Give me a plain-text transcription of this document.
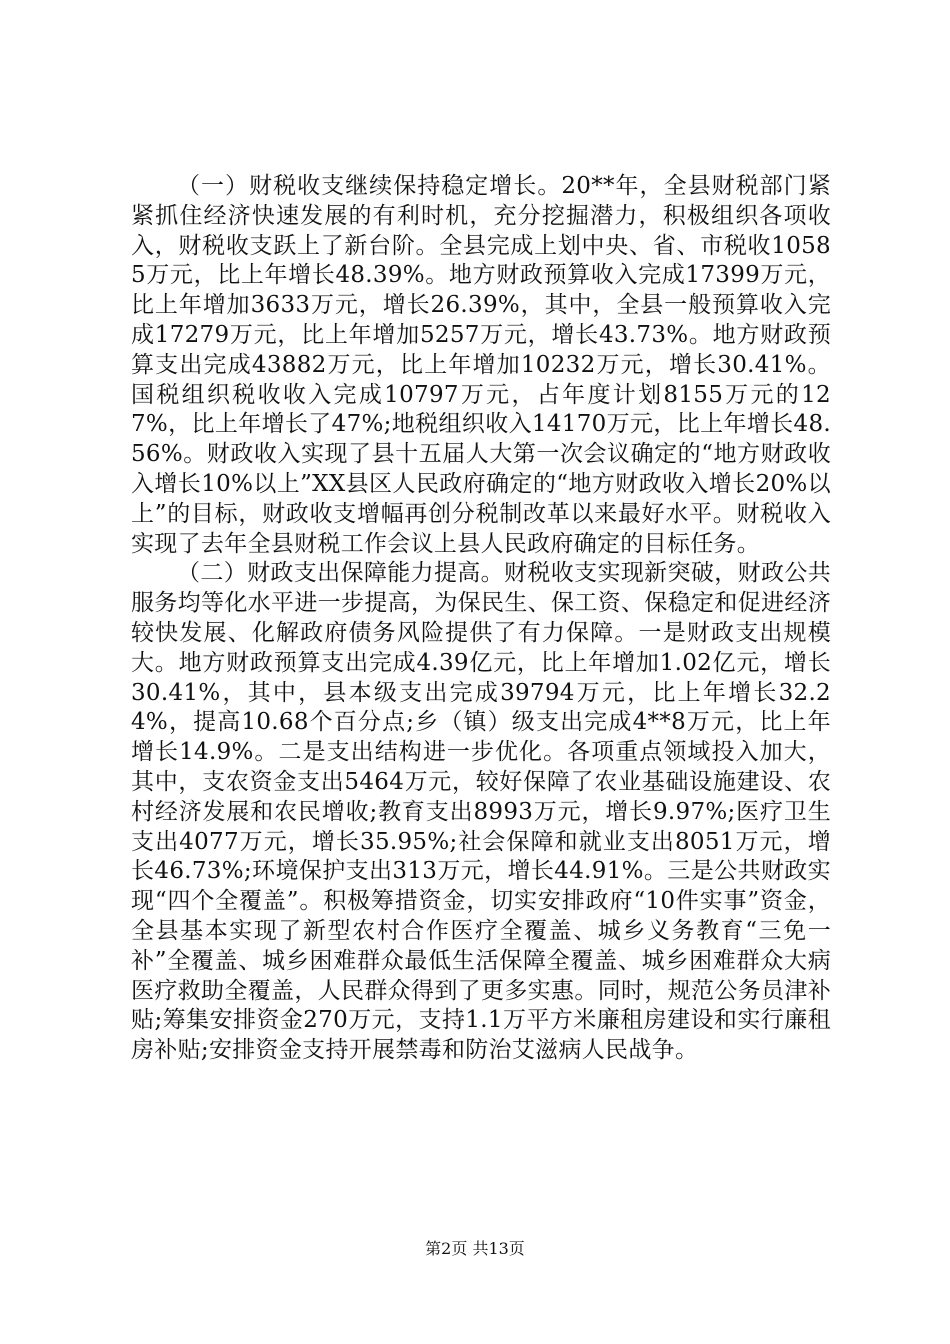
（一）财税收支继续保持稳定增长。20**年，全县财税部门紧紧抓住经济快速发展的有利时机，充分挖掘潜力，积极组织各项收入，财税收支跃上了新台阶。全县完成上划中央、省、市税收10585万元，比上年增长48.39%。地方财政预算收入完成17399万元，比上年增加3633万元，增长26.39%，其中，全县一般预算收入完成17279万元，比上年增加5257万元，增长43.73%。地方财政预算支出完成43882万元，比上年增加10232万元，增长30.41%。国税组织税收收入完成10797万元，占年度计划8155万元的127%，比上年增长了47%;地税组织收入14170万元，比上年增长48.56%。财政收入实现了县十五届人大第一次会议确定的“地方财政收入增长10%以上”XX县区人民政府确定的“地方财政收入增长20%以上”的目标，财政收支增幅再创分税制改革以来最好水平。财税收入实现了去年全县财税工作会议上县人民政府确定的目标任务。

（二）财政支出保障能力提高。财税收支实现新突破，财政公共服务均等化水平进一步提高，为保民生、保工资、保稳定和促进经济较快发展、化解政府债务风险提供了有力保障。一是财政支出规模大。地方财政预算支出完成4.39亿元，比上年增加1.02亿元，增长30.41%，其中，县本级支出完成39794万元，比上年增长32.24%，提高10.68个百分点;乡（镇）级支出完成4**8万元，比上年增长14.9%。二是支出结构进一步优化。各项重点领域投入加大，其中，支农资金支出5464万元，较好保障了农业基础设施建设、农村经济发展和农民增收;教育支出8993万元，增长9.97%;医疗卫生支出4077万元，增长35.95%;社会保障和就业支出8051万元，增长46.73%;环境保护支出313万元，增长44.91%。三是公共财政实现“四个全覆盖”。积极筹措资金，切实安排政府“10件实事”资金，全县基本实现了新型农村合作医疗全覆盖、城乡义务教育“三免一补”全覆盖、城乡困难群众最低生活保障全覆盖、城乡困难群众大病医疗救助全覆盖，人民群众得到了更多实惠。同时，规范公务员津补贴;筹集安排资金270万元，支持1.1万平方米廉租房建设和实行廉租房补贴;安排资金支持开展禁毒和防治艾滋病人民战争。

第2页 共13页
